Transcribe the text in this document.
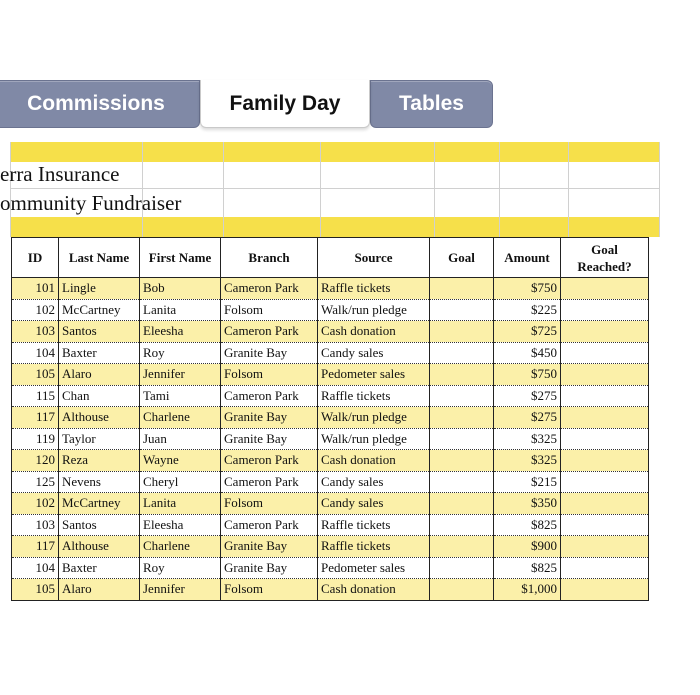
Commissions	Family Day	Tables
erra Insurance
ommunity Fundraiser
ID	Last Name	First Name	Branch	Source	Goal	Amount	Goal Reached?
101	Lingle	Bob	Cameron Park	Raffle tickets		$750	
102	McCartney	Lanita	Folsom	Walk/run pledge		$225	
103	Santos	Eleesha	Cameron Park	Cash donation		$725	
104	Baxter	Roy	Granite Bay	Candy sales		$450	
105	Alaro	Jennifer	Folsom	Pedometer sales		$750	
115	Chan	Tami	Cameron Park	Raffle tickets		$275	
117	Althouse	Charlene	Granite Bay	Walk/run pledge		$275	
119	Taylor	Juan	Granite Bay	Walk/run pledge		$325	
120	Reza	Wayne	Cameron Park	Cash donation		$325	
125	Nevens	Cheryl	Cameron Park	Candy sales		$215	
102	McCartney	Lanita	Folsom	Candy sales		$350	
103	Santos	Eleesha	Cameron Park	Raffle tickets		$825	
117	Althouse	Charlene	Granite Bay	Raffle tickets		$900	
104	Baxter	Roy	Granite Bay	Pedometer sales		$825	
105	Alaro	Jennifer	Folsom	Cash donation		$1,000	
